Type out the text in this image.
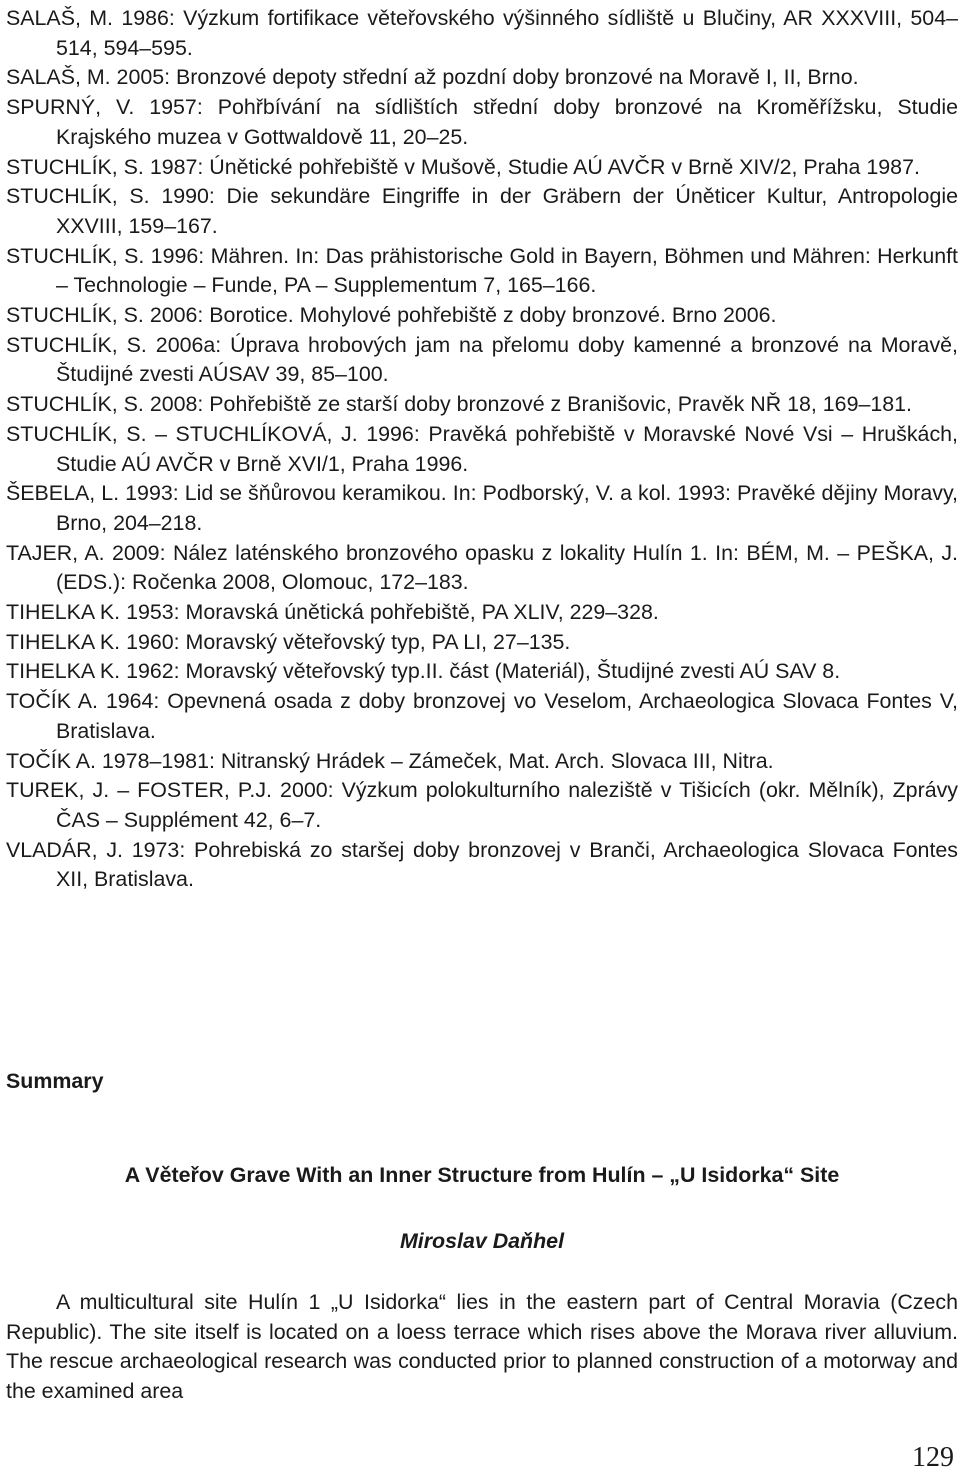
SALAŠ, M. 1986: Výzkum fortifikace věteřovského výšinného sídliště u Blučiny, AR XXXVIII, 504–514, 594–595.
SALAŠ, M. 2005: Bronzové depoty střední až pozdní doby bronzové na Moravě I, II, Brno.
SPURNÝ, V. 1957: Pohřbívání na sídlištích střední doby bronzové na Kroměřížsku, Studie Krajského muzea v Gottwaldově 11, 20–25.
STUCHLÍK, S. 1987: Únětické pohřebiště v Mušově, Studie AÚ AVČR v Brně XIV/2, Praha 1987.
STUCHLÍK, S. 1990: Die sekundäre Eingriffe in der Gräbern der Úněticer Kultur, Antropologie XXVIII, 159–167.
STUCHLÍK, S. 1996: Mähren. In: Das prähistorische Gold in Bayern, Böhmen und Mähren: Herkunft – Technologie – Funde, PA – Supplementum 7, 165–166.
STUCHLÍK, S. 2006: Borotice. Mohylové pohřebiště z doby bronzové. Brno 2006.
STUCHLÍK, S. 2006a: Úprava hrobových jam na přelomu doby kamenné a bronzové na Moravě, Študijné zvesti AÚSAV 39, 85–100.
STUCHLÍK, S. 2008: Pohřebiště ze starší doby bronzové z Branišovic, Pravěk NŘ 18, 169–181.
STUCHLÍK, S. – STUCHLÍKOVÁ, J. 1996: Pravěká pohřebiště v Moravské Nové Vsi – Hruškách, Studie AÚ AVČR v Brně XVI/1, Praha 1996.
ŠEBELA, L. 1993: Lid se šňůrovou keramikou. In: Podborský, V. a kol. 1993: Pravěké dějiny Moravy, Brno, 204–218.
TAJER, A. 2009: Nález laténského bronzového opasku z lokality Hulín 1. In: BÉM, M. – PEŠKA, J. (EDS.): Ročenka 2008, Olomouc, 172–183.
TIHELKA K. 1953: Moravská únětická pohřebiště, PA XLIV, 229–328.
TIHELKA K. 1960: Moravský věteřovský typ, PA LI, 27–135.
TIHELKA K. 1962: Moravský věteřovský typ.II. část (Materiál), Študijné zvesti AÚ SAV 8.
TOČÍK A. 1964: Opevnená osada z doby bronzovej vo Veselom, Archaeologica Slovaca Fontes V, Bratislava.
TOČÍK A. 1978–1981: Nitranský Hrádek – Zámeček, Mat. Arch. Slovaca III, Nitra.
TUREK, J. – FOSTER, P.J. 2000: Výzkum polokulturního naleziště v Tišicích (okr. Mělník), Zprávy ČAS – Supplément 42, 6–7.
VLADÁR, J. 1973: Pohrebiská zo staršej doby bronzovej v Branči, Archaeologica Slovaca Fontes XII, Bratislava.
Summary
A Věteřov Grave With an Inner Structure from Hulín – „U Isidorka“ Site

Miroslav Daňhel

A multicultural site Hulín 1 „U Isidorka“ lies in the eastern part of Central Moravia (Czech Republic). The site itself is located on a loess terrace which rises above the Morava river alluvium. The rescue archaeological research was conducted prior to planned construction of a motorway and the examined area

129
